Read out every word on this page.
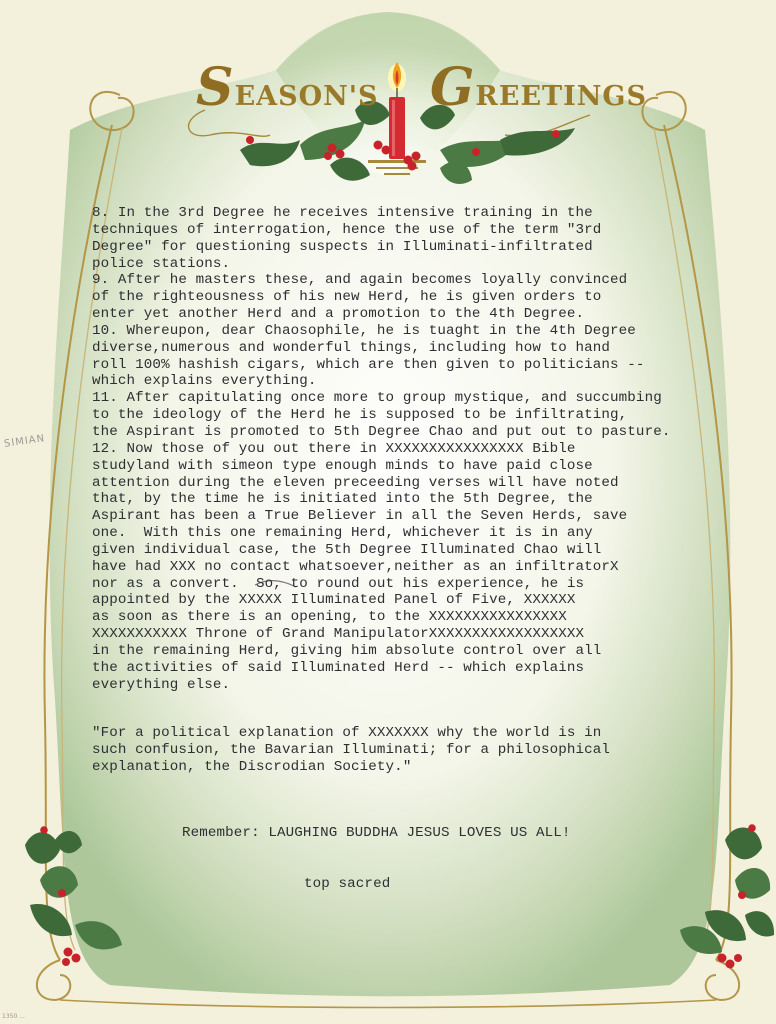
SEASON'S GREETINGS
SIMIAN
8. In the 3rd Degree he receives intensive training in the
techniques of interrogation, hence the use of the term "3rd
Degree" for questioning suspects in Illuminati-infiltrated
police stations.
9. After he masters these, and again becomes loyally convinced
of the righteousness of his new Herd, he is given orders to
enter yet another Herd and a promotion to the 4th Degree.
10. Whereupon, dear Chaosophile, he is tuaght in the 4th Degree
diverse,numerous and wonderful things, including how to hand
roll 100% hashish cigars, which are then given to politicians --
which explains everything.
11. After capitulating once more to group mystique, and succumbing
to the ideology of the Herd he is supposed to be infiltrating,
the Aspirant is promoted to 5th Degree Chao and put out to pasture.
12. Now those of you out there in XXXXXXXXXXXXXXXX Bible
studyland with simeon type enough minds to have paid close
attention during the eleven preceeding verses will have noted
that, by the time he is initiated into the 5th Degree, the
Aspirant has been a True Believer in all the Seven Herds, save
one.  With this one remaining Herd, whichever it is in any
given individual case, the 5th Degree Illuminated Chao will
have had XXX no contact whatsoever,neither as an infiltratorX
nor as a convert.  So, to round out his experience, he is
appointed by the XXXXX Illuminated Panel of Five, XXXXXX
as soon as there is an opening, to the XXXXXXXXXXXXXXXX
XXXXXXXXXXX Throne of Grand ManipulatorXXXXXXXXXXXXXXXXXX
in the remaining Herd, giving him absolute control over all
the activities of said Illuminated Herd -- which explains
everything else.
"For a political explanation of XXXXXXX why the world is in
such confusion, the Bavarian Illuminati; for a philosophical
explanation, the Discrodian Society."
Remember: LAUGHING BUDDHA JESUS LOVES US ALL!
top sacred
1350 ...
